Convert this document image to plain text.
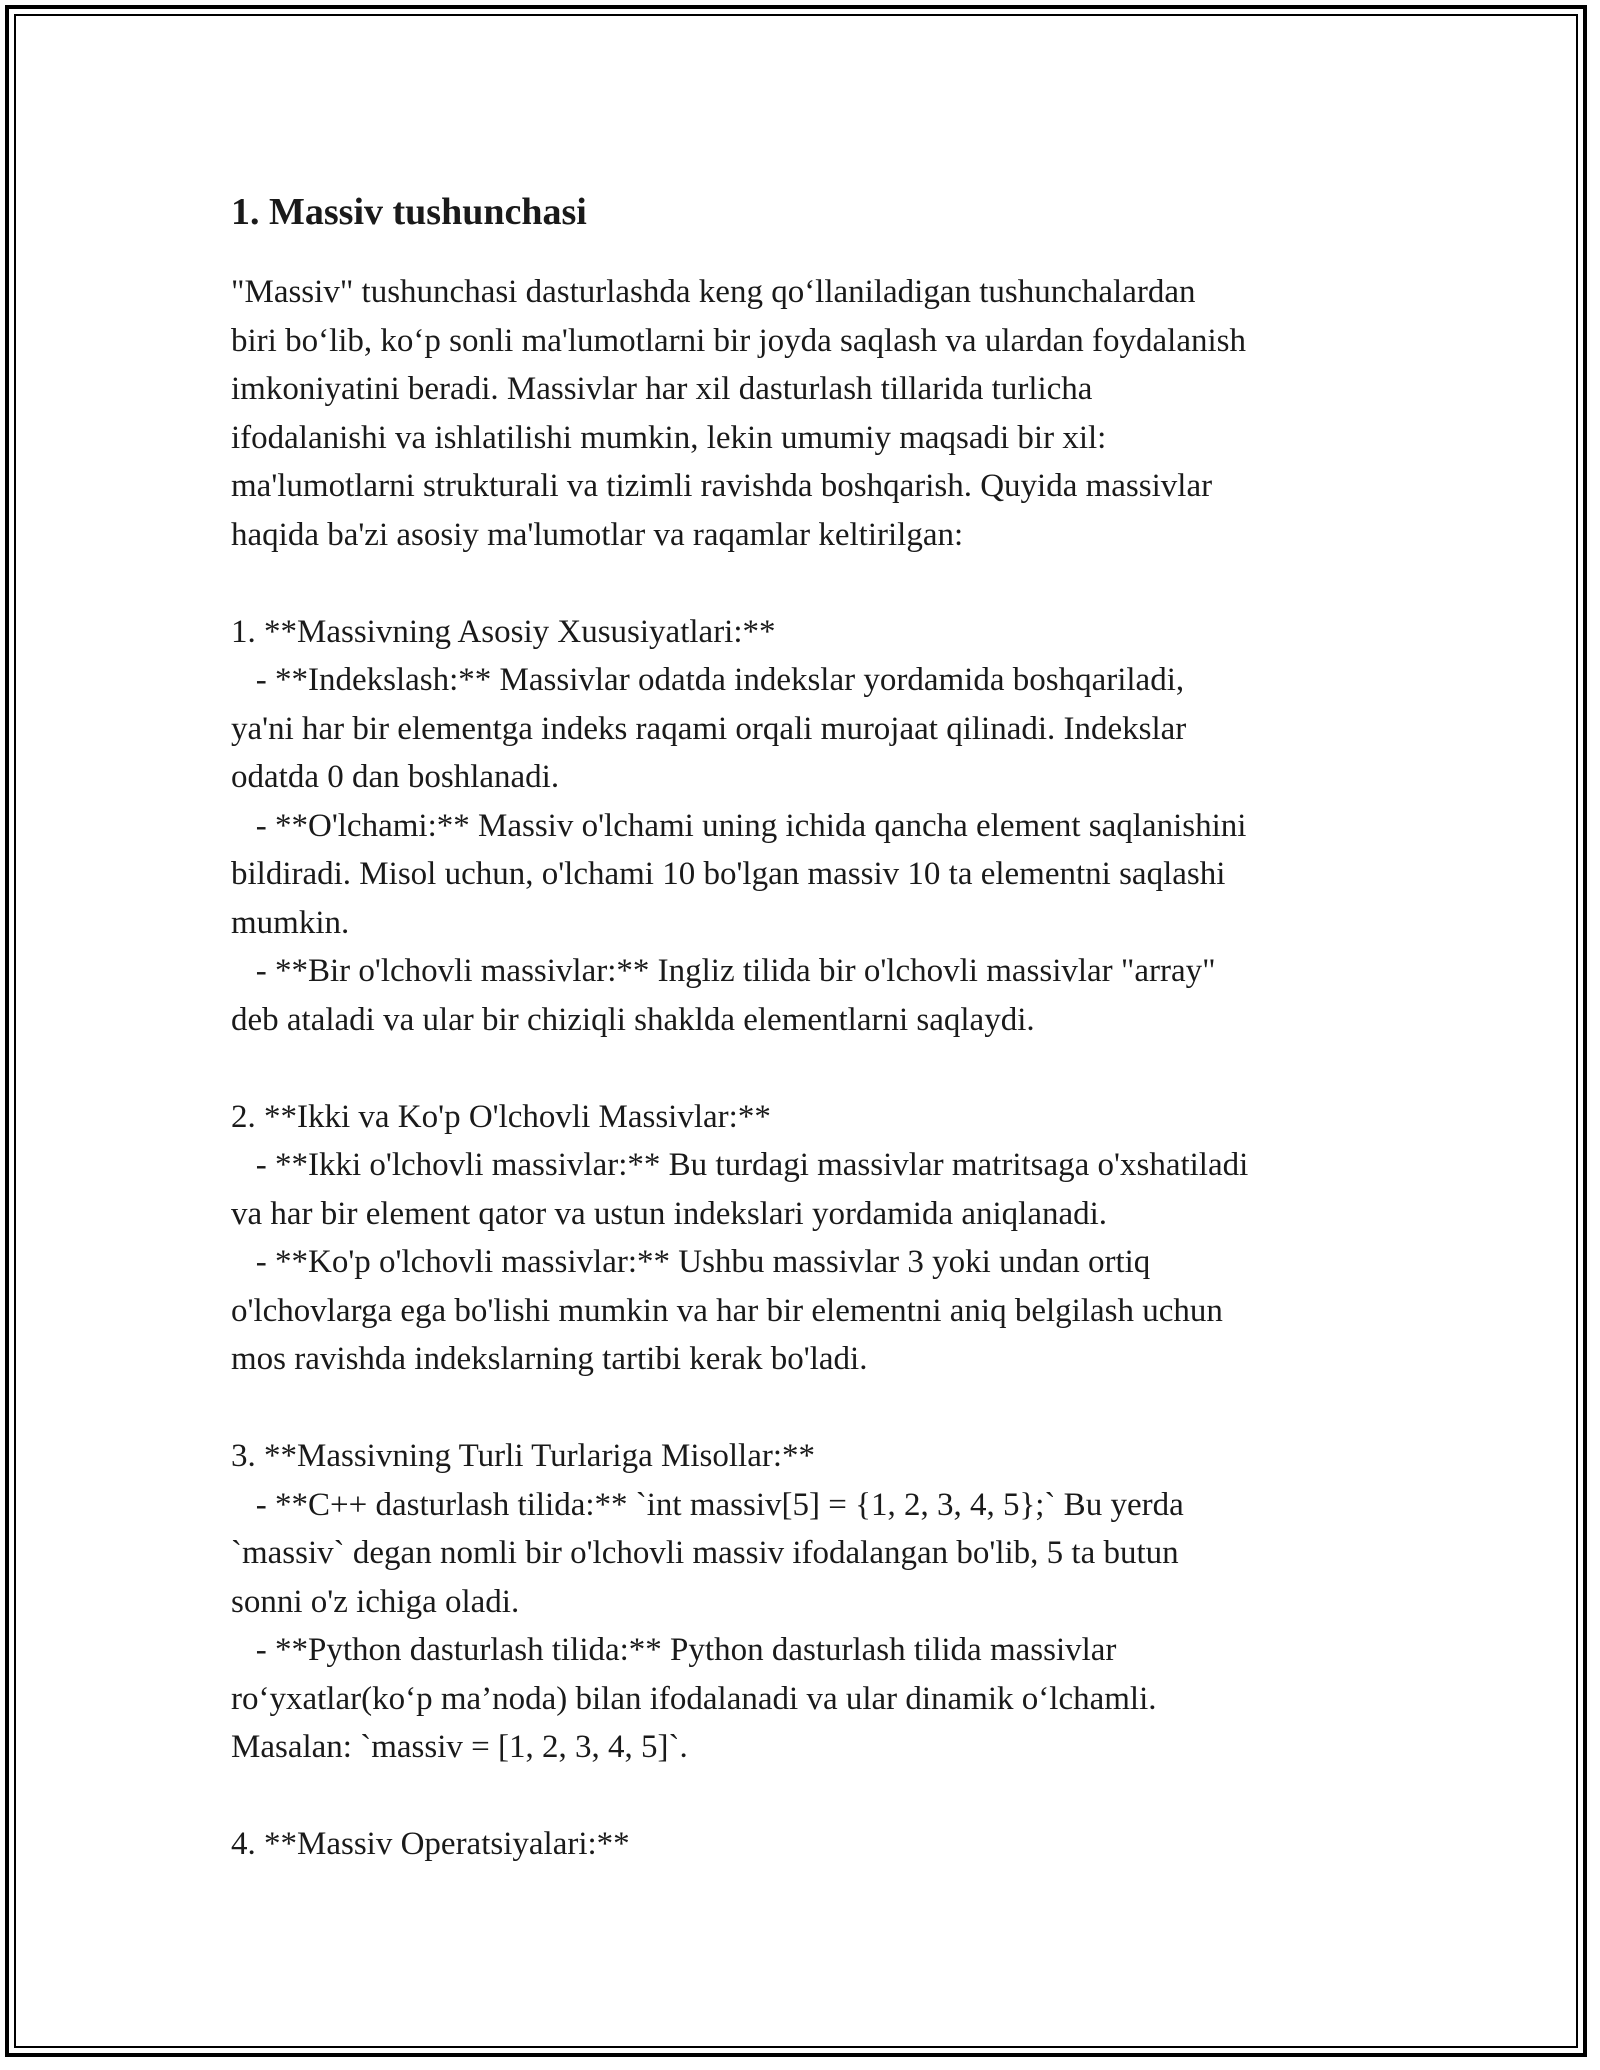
1. Massiv tushunchasi

"Massiv" tushunchasi dasturlashda keng qo‘llaniladigan tushunchalardan

biri bo‘lib, ko‘p sonli ma'lumotlarni bir joyda saqlash va ulardan foydalanish

imkoniyatini beradi. Massivlar har xil dasturlash tillarida turlicha

ifodalanishi va ishlatilishi mumkin, lekin umumiy maqsadi bir xil:

ma'lumotlarni strukturali va tizimli ravishda boshqarish. Quyida massivlar

haqida ba'zi asosiy ma'lumotlar va raqamlar keltirilgan:

1. **Massivning Asosiy Xususiyatlari:**

- **Indekslash:** Massivlar odatda indekslar yordamida boshqariladi,

ya'ni har bir elementga indeks raqami orqali murojaat qilinadi. Indekslar

odatda 0 dan boshlanadi.

- **O'lchami:** Massiv o'lchami uning ichida qancha element saqlanishini

bildiradi. Misol uchun, o'lchami 10 bo'lgan massiv 10 ta elementni saqlashi

mumkin.

- **Bir o'lchovli massivlar:** Ingliz tilida bir o'lchovli massivlar "array"

deb ataladi va ular bir chiziqli shakldа elementlarni saqlaydi.

2. **Ikki va Ko'p O'lchovli Massivlar:**

- **Ikki o'lchovli massivlar:** Bu turdagi massivlar matritsaga o'xshatiladi

va har bir element qator va ustun indekslari yordamida aniqlanadi.

- **Ko'p o'lchovli massivlar:** Ushbu massivlar 3 yoki undan ortiq

o'lchovlarga ega bo'lishi mumkin va har bir elementni aniq belgilash uchun

mos ravishda indekslarning tartibi kerak bo'ladi.

3. **Massivning Turli Turlariga Misollar:**

- **C++ dasturlash tilida:** `int massiv[5] = {1, 2, 3, 4, 5};` Bu yerda

`massiv` degan nomli bir o'lchovli massiv ifodalangan bo'lib, 5 ta butun

sonni o'z ichiga oladi.

- **Python dasturlash tilida:** Python dasturlash tilida massivlar

ro‘yxatlar(ko‘p ma’noda) bilan ifodalanadi va ular dinamik o‘lchamli.

Masalan: `massiv = [1, 2, 3, 4, 5]`.

4. **Massiv Operatsiyalari:**
